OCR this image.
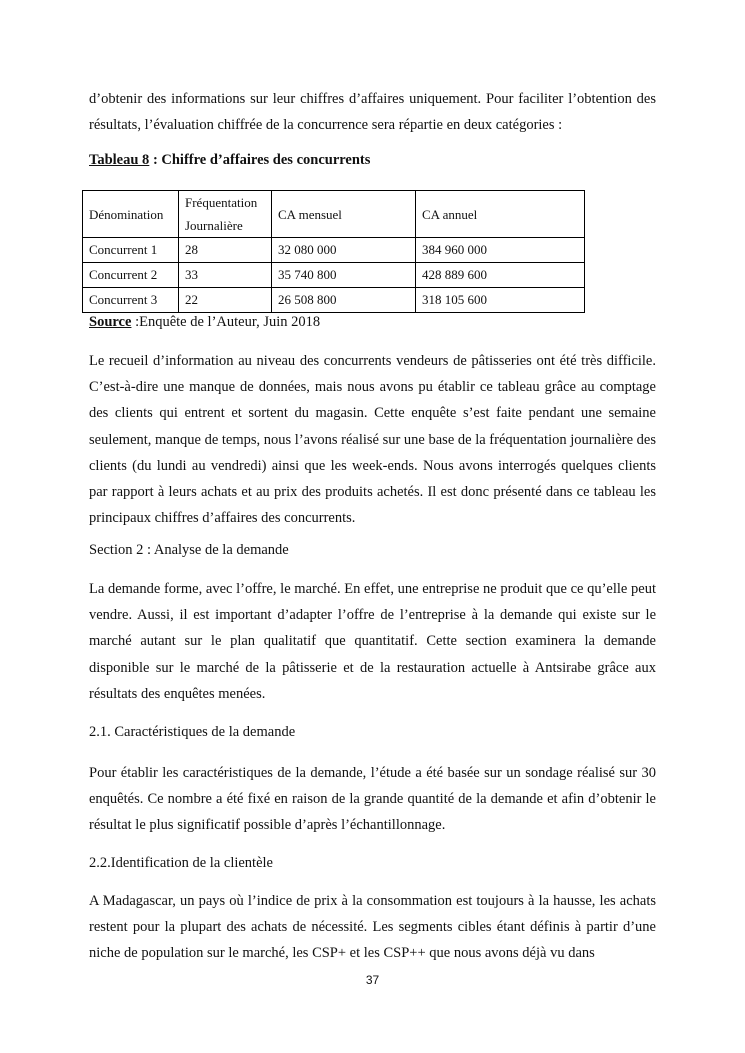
d’obtenir des informations sur leur chiffres d’affaires uniquement. Pour faciliter l’obtention des résultats, l’évaluation chiffrée de la concurrence sera répartie en deux catégories :

Tableau 8 : Chiffre d’affaires des concurrents

Dénomination	Fréquentation Journalière	CA mensuel	CA annuel
Concurrent 1	28	32 080 000	384 960 000
Concurrent 2	33	35 740 800	428 889 600
Concurrent 3	22	26 508 800	318 105 600

Source :Enquête de l’Auteur, Juin 2018

Le recueil d’information au niveau des concurrents vendeurs de pâtisseries ont été très difficile. C’est-à-dire une manque de données, mais nous avons pu établir ce tableau grâce au comptage des clients qui entrent et sortent du magasin. Cette enquête s’est faite pendant une semaine seulement, manque de temps, nous l’avons réalisé sur une base de la fréquentation journalière des clients (du lundi au vendredi) ainsi que les week-ends. Nous avons interrogés quelques clients par rapport à leurs achats et au prix des produits achetés. Il est donc présenté dans ce tableau les principaux chiffres d’affaires des concurrents.

Section 2 : Analyse de la demande

La demande forme, avec l’offre, le marché. En effet, une entreprise ne produit que ce qu’elle peut vendre. Aussi, il est important d’adapter l’offre de l’entreprise à la demande qui existe sur le marché autant sur le plan qualitatif que quantitatif. Cette section examinera la demande disponible sur le marché de la pâtisserie et de la restauration actuelle à Antsirabe grâce aux résultats des enquêtes menées.

2.1. Caractéristiques de la demande

Pour établir les caractéristiques de la demande, l’étude a été basée sur un sondage réalisé sur 30 enquêtés. Ce nombre a été fixé en raison de la grande quantité de la demande et afin d’obtenir le résultat le plus significatif possible d’après l’échantillonnage.

2.2.Identification de la clientèle

A Madagascar, un pays où l’indice de prix à la consommation est toujours à la hausse, les achats restent pour la plupart des achats de nécessité. Les segments cibles étant définis à partir d’une niche de population sur le marché, les CSP+ et les CSP++ que nous avons déjà vu dans

37
